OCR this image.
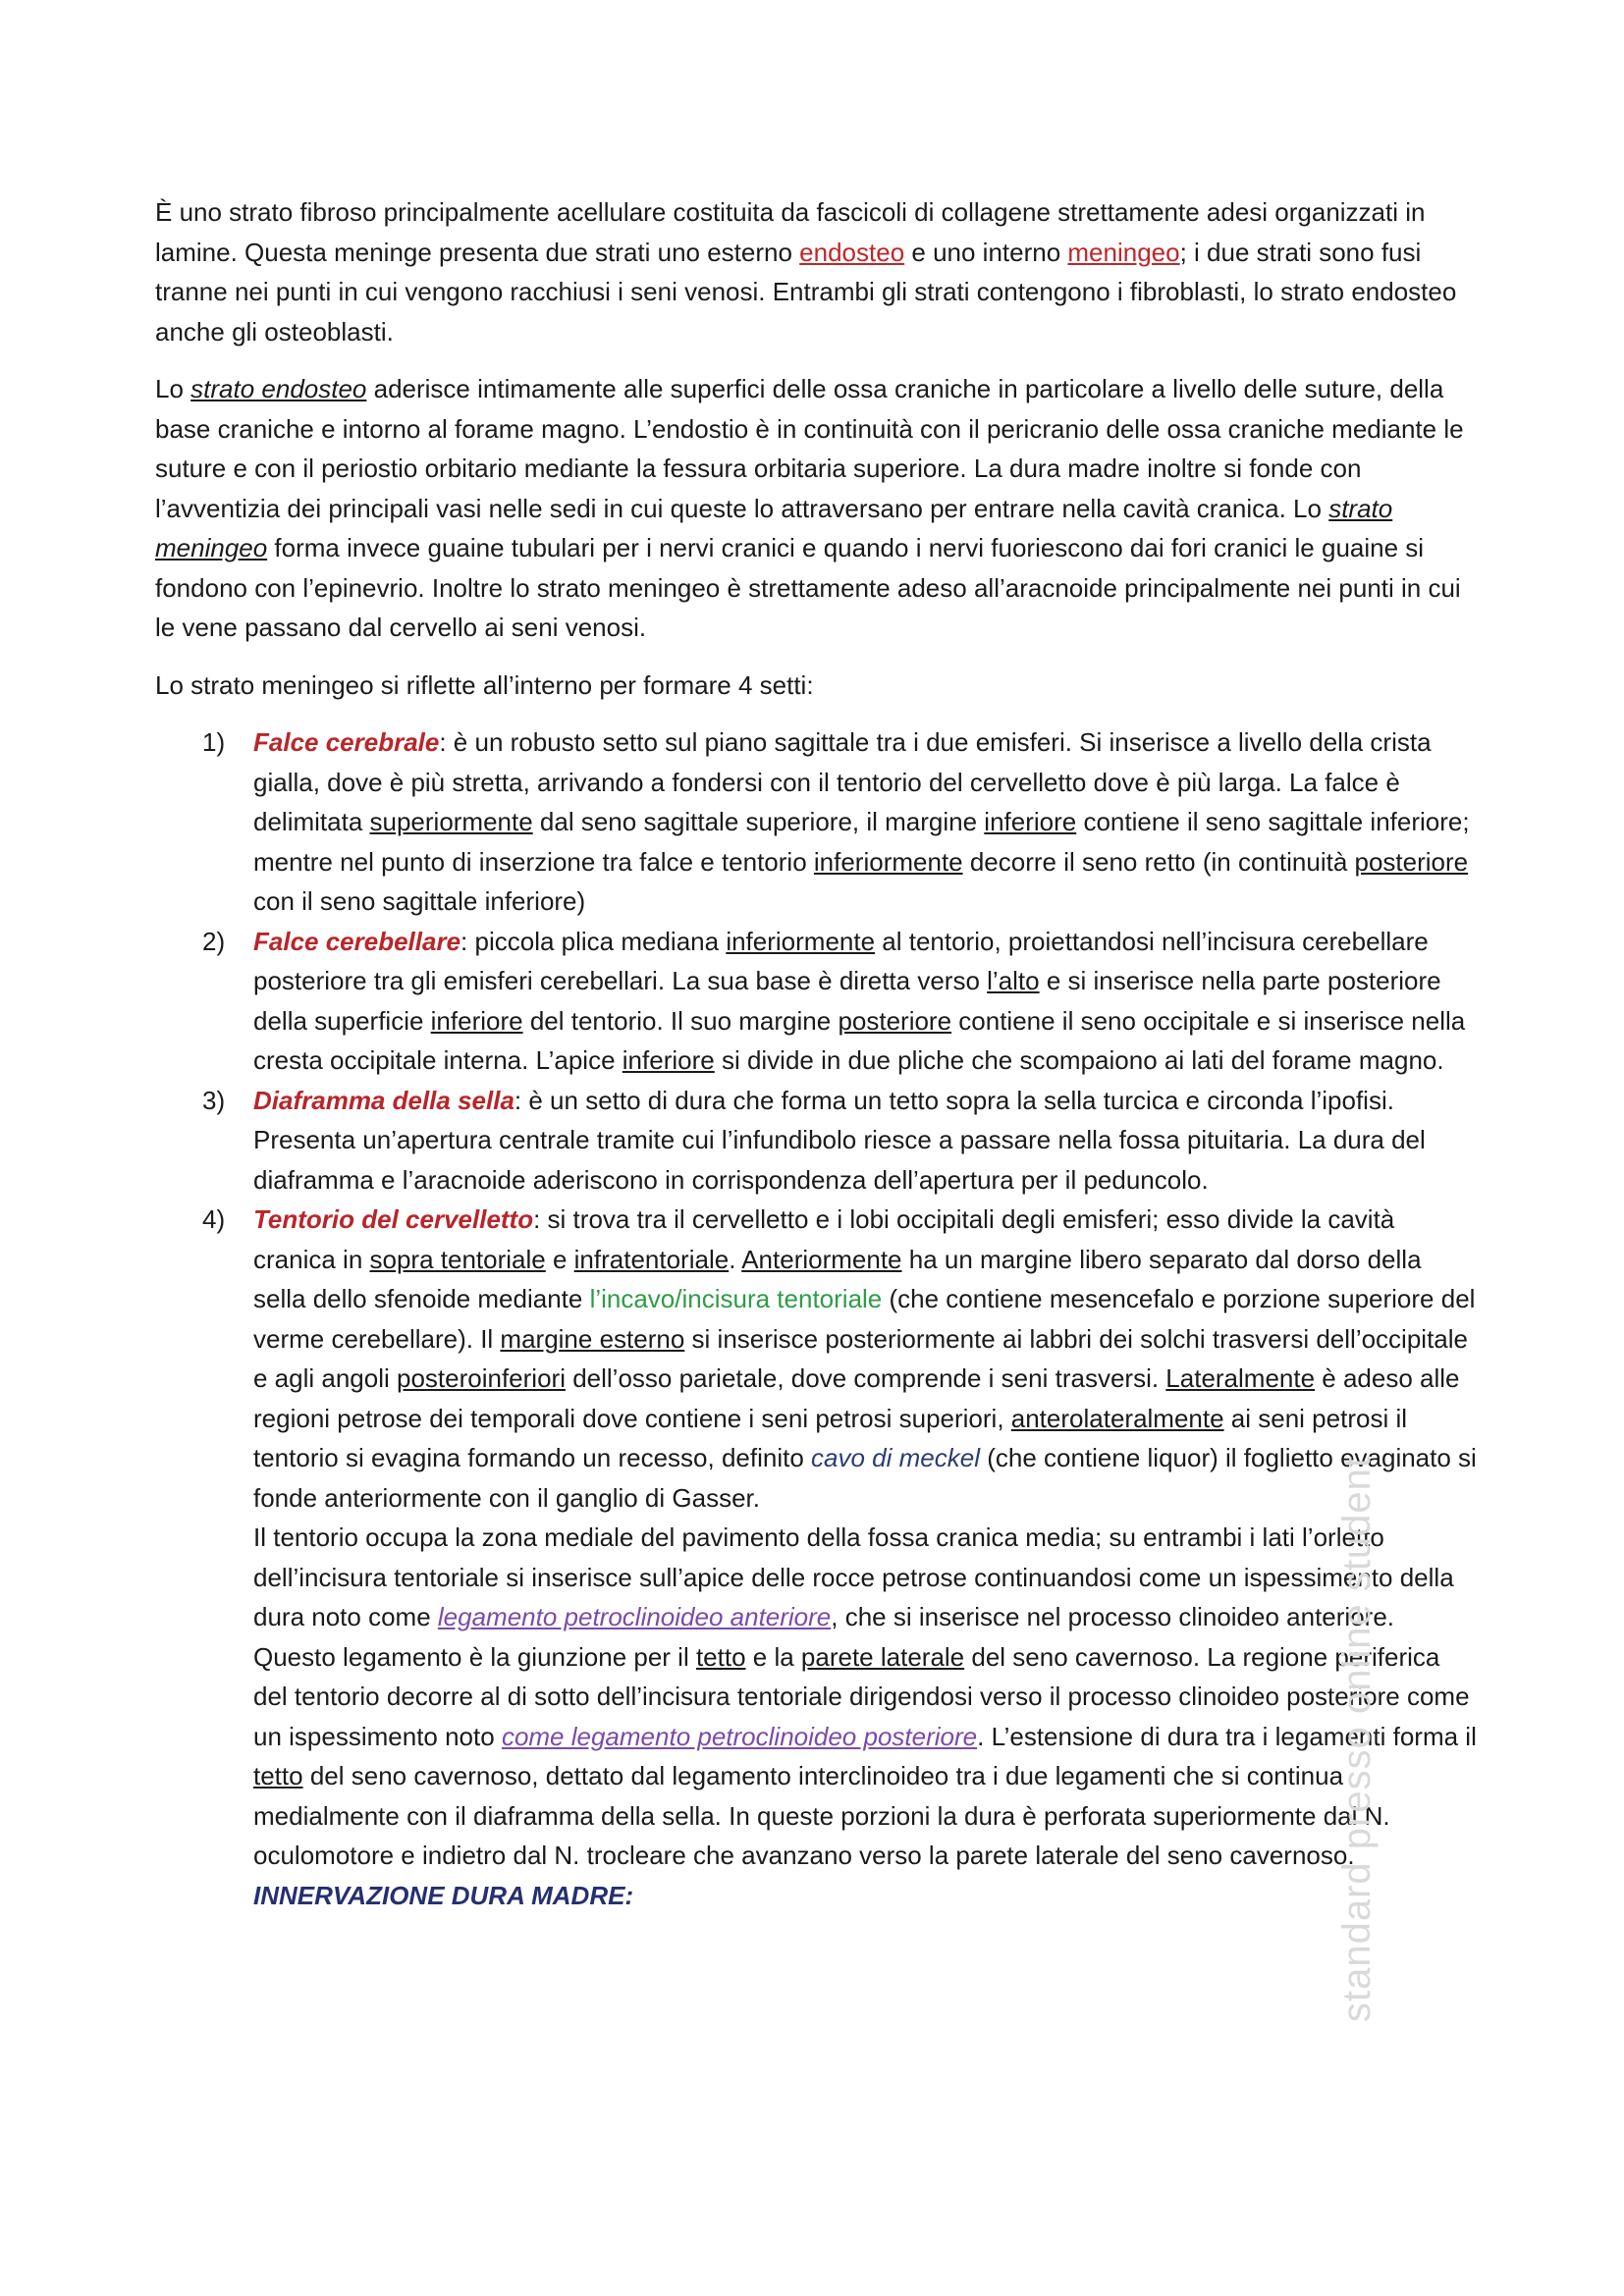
È uno strato fibroso principalmente acellulare costituita da fascicoli di collagene strettamente adesi organizzati in lamine. Questa meninge presenta due strati uno esterno endosteo e uno interno meningeo; i due strati sono fusi tranne nei punti in cui vengono racchiusi i seni venosi. Entrambi gli strati contengono i fibroblasti, lo strato endosteo anche gli osteoblasti.

Lo strato endosteo aderisce intimamente alle superfici delle ossa craniche in particolare a livello delle suture, della base craniche e intorno al forame magno. L’endostio è in continuità con il pericranio delle ossa craniche mediante le suture e con il periostio orbitario mediante la fessura orbitaria superiore. La dura madre inoltre si fonde con l’avventizia dei principali vasi nelle sedi in cui queste lo attraversano per entrare nella cavità cranica. Lo strato meningeo forma invece guaine tubulari per i nervi cranici e quando i nervi fuoriescono dai fori cranici le guaine si fondono con l’epinevrio. Inoltre lo strato meningeo è strettamente adeso all’aracnoide principalmente nei punti in cui le vene passano dal cervello ai seni venosi.

Lo strato meningeo si riflette all’interno per formare 4 setti:

1) Falce cerebrale: è un robusto setto sul piano sagittale tra i due emisferi. Si inserisce a livello della crista gialla, dove è più stretta, arrivando a fondersi con il tentorio del cervelletto dove è più larga. La falce è delimitata superiormente dal seno sagittale superiore, il margine inferiore contiene il seno sagittale inferiore; mentre nel punto di inserzione tra falce e tentorio inferiormente decorre il seno retto (in continuità posteriore con il seno sagittale inferiore)
2) Falce cerebellare: piccola plica mediana inferiormente al tentorio, proiettandosi nell’incisura cerebellare posteriore tra gli emisferi cerebellari. La sua base è diretta verso l’alto e si inserisce nella parte posteriore della superficie inferiore del tentorio. Il suo margine posteriore contiene il seno occipitale e si inserisce nella cresta occipitale interna. L’apice inferiore si divide in due pliche che scompaiono ai lati del forame magno.
3) Diaframma della sella: è un setto di dura che forma un tetto sopra la sella turcica e circonda l’ipofisi. Presenta un’apertura centrale tramite cui l’infundibolo riesce a passare nella fossa pituitaria. La dura del diaframma e l’aracnoide aderiscono in corrispondenza dell’apertura per il peduncolo.
4) Tentorio del cervelletto: si trova tra il cervelletto e i lobi occipitali degli emisferi; esso divide la cavità cranica in sopra tentoriale e infratentoriale. Anteriormente ha un margine libero separato dal dorso della sella dello sfenoide mediante l’incavo/incisura tentoriale (che contiene mesencefalo e porzione superiore del verme cerebellare). Il margine esterno si inserisce posteriormente ai labbri dei solchi trasversi dell’occipitale e agli angoli posteroinferiori dell’osso parietale, dove comprende i seni trasversi. Lateralmente è adeso alle regioni petrose dei temporali dove contiene i seni petrosi superiori, anterolateralmente ai seni petrosi il tentorio si evagina formando un recesso, definito cavo di meckel (che contiene liquor) il foglietto evaginato si fonde anteriormente con il ganglio di Gasser.
Il tentorio occupa la zona mediale del pavimento della fossa cranica media; su entrambi i lati l’orletto dell’incisura tentoriale si inserisce sull’apice delle rocce petrose continuandosi come un ispessimento della dura noto come legamento petroclinoideo anteriore, che si inserisce nel processo clinoideo anteriore. Questo legamento è la giunzione per il tetto e la parete laterale del seno cavernoso. La regione periferica del tentorio decorre al di sotto dell’incisura tentoriale dirigendosi verso il processo clinoideo posteriore come un ispessimento noto come legamento petroclinoideo posteriore. L’estensione di dura tra i legamenti forma il tetto del seno cavernoso, dettato dal legamento interclinoideo tra i due legamenti che si continua medialmente con il diaframma della sella. In queste porzioni la dura è perforata superiormente dal N. oculomotore e indietro dal N. trocleare che avanzano verso la parete laterale del seno cavernoso.
INNERVAZIONE DURA MADRE:	standard presso online student
